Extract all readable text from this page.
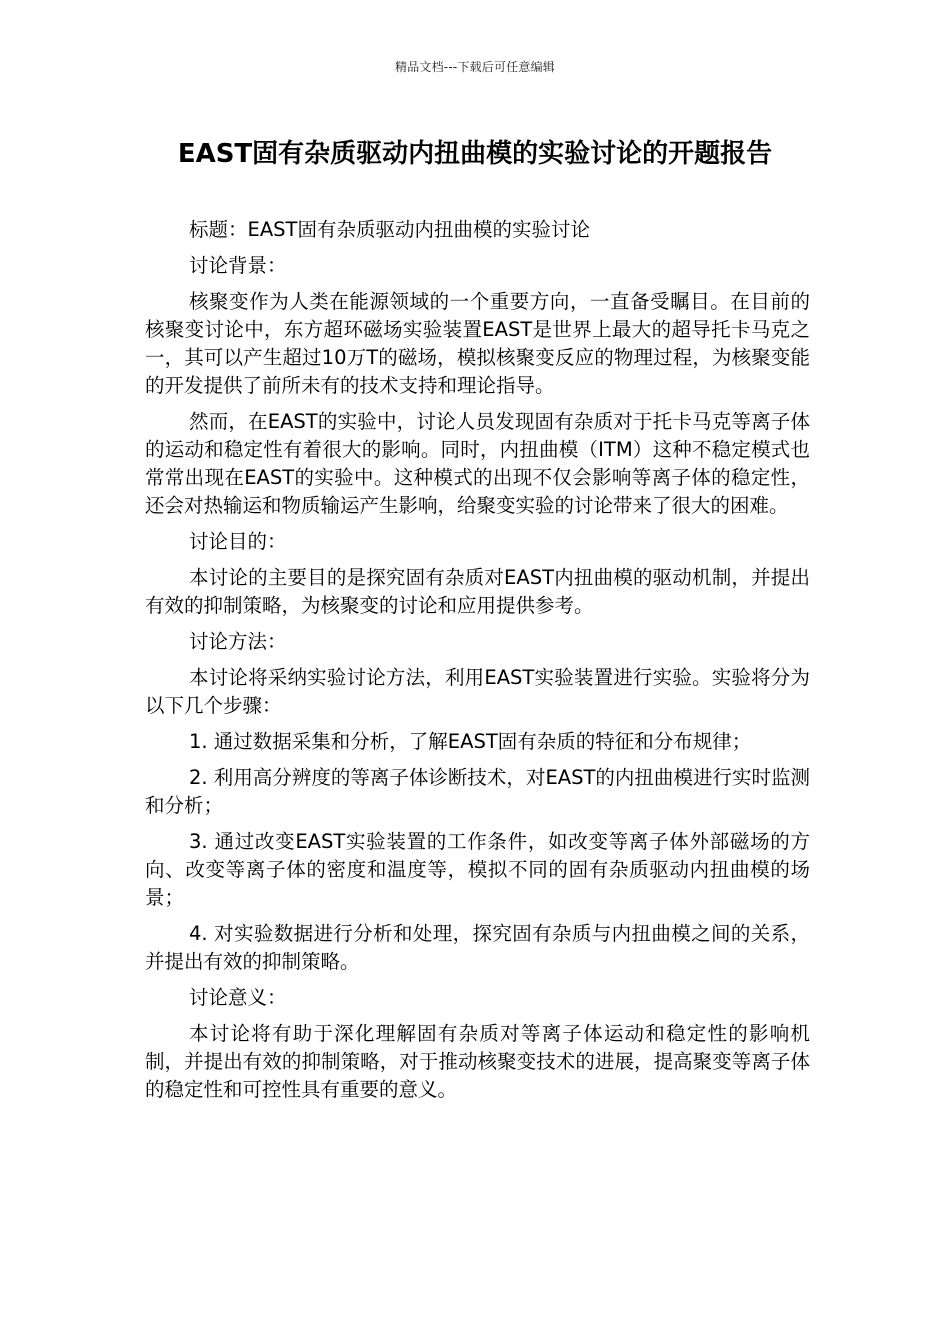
精品文档---下载后可任意编辑
EAST固有杂质驱动内扭曲模的实验讨论的开题报告

标题：EAST固有杂质驱动内扭曲模的实验讨论

讨论背景：

核聚变作为人类在能源领域的一个重要方向，一直备受瞩目。在目前的核聚变讨论中，东方超环磁场实验装置EAST是世界上最大的超导托卡马克之一，其可以产生超过10万T的磁场，模拟核聚变反应的物理过程，为核聚变能的开发提供了前所未有的技术支持和理论指导。

然而，在EAST的实验中，讨论人员发现固有杂质对于托卡马克等离子体的运动和稳定性有着很大的影响。同时，内扭曲模（ITM）这种不稳定模式也常常出现在EAST的实验中。这种模式的出现不仅会影响等离子体的稳定性，还会对热输运和物质输运产生影响，给聚变实验的讨论带来了很大的困难。

讨论目的：

本讨论的主要目的是探究固有杂质对EAST内扭曲模的驱动机制，并提出有效的抑制策略，为核聚变的讨论和应用提供参考。

讨论方法：

本讨论将采纳实验讨论方法，利用EAST实验装置进行实验。实验将分为以下几个步骤：

1. 通过数据采集和分析，了解EAST固有杂质的特征和分布规律；

2. 利用高分辨度的等离子体诊断技术，对EAST的内扭曲模进行实时监测和分析；

3. 通过改变EAST实验装置的工作条件，如改变等离子体外部磁场的方向、改变等离子体的密度和温度等，模拟不同的固有杂质驱动内扭曲模的场景；

4. 对实验数据进行分析和处理，探究固有杂质与内扭曲模之间的关系，并提出有效的抑制策略。

讨论意义：

本讨论将有助于深化理解固有杂质对等离子体运动和稳定性的影响机制，并提出有效的抑制策略，对于推动核聚变技术的进展，提高聚变等离子体的稳定性和可控性具有重要的意义。
